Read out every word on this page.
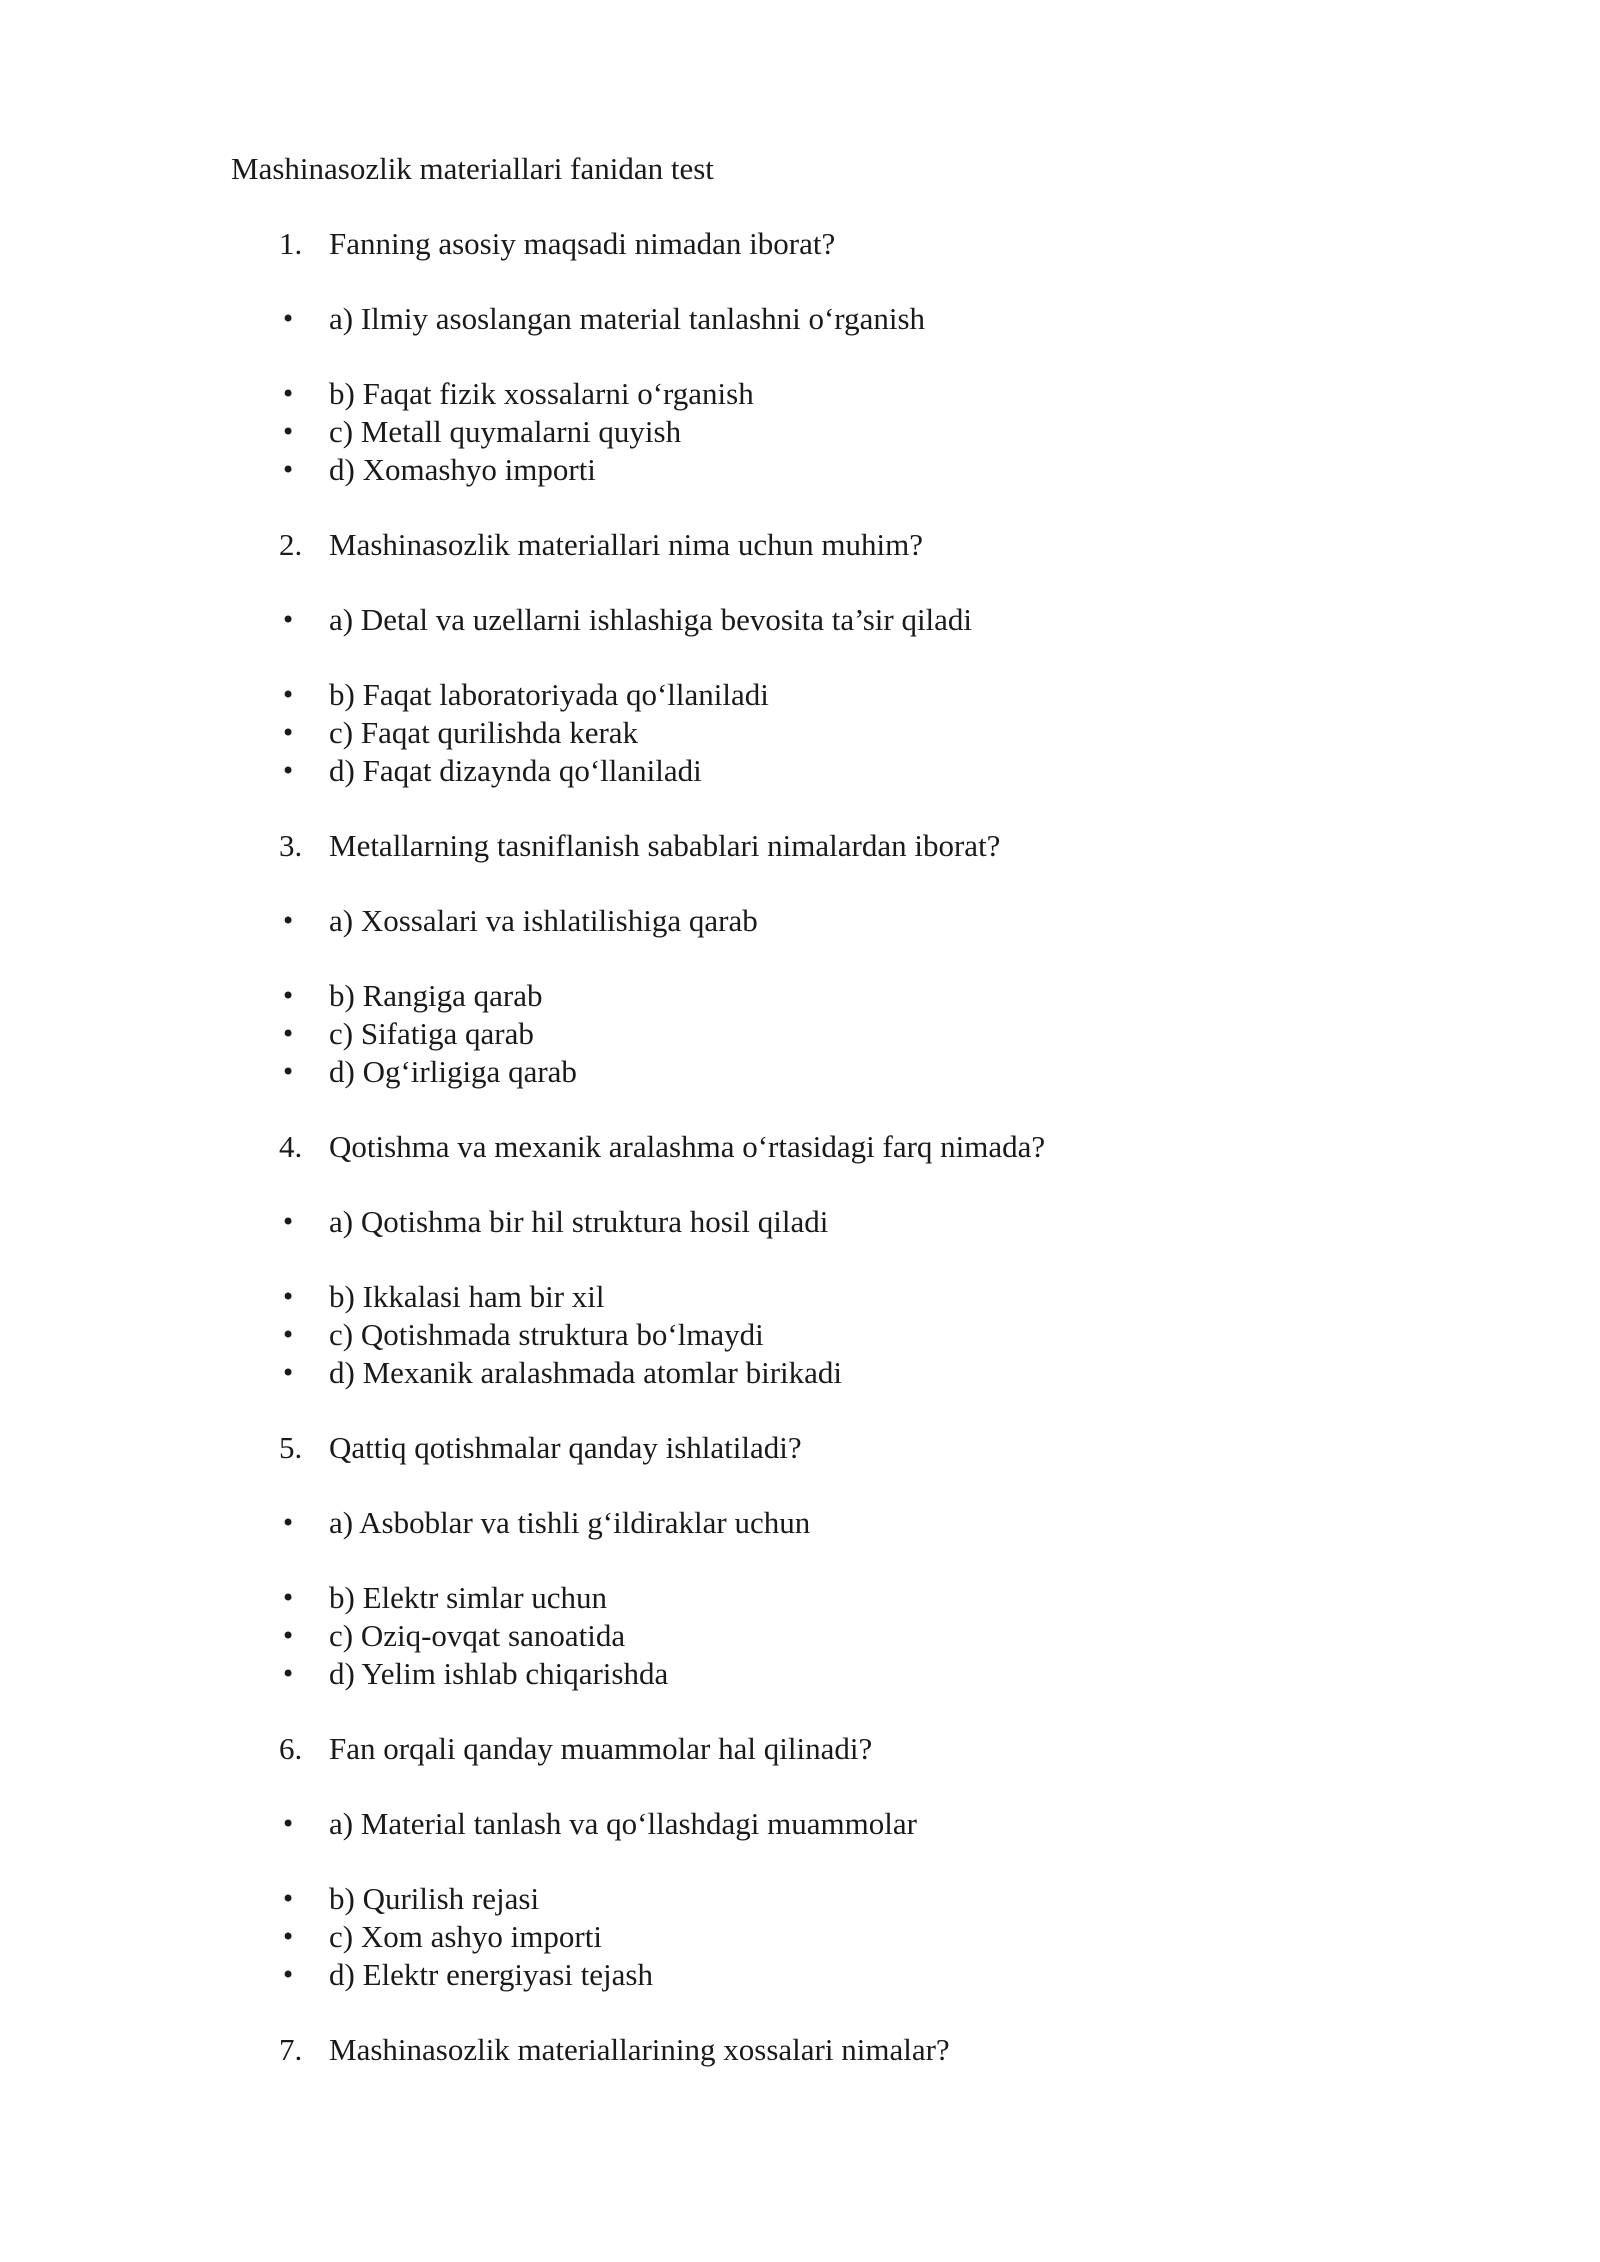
Mashinasozlik materiallari fanidan test
1. Fanning asosiy maqsadi nimadan iborat?
• a) Ilmiy asoslangan material tanlashni o‘rganish
• b) Faqat fizik xossalarni o‘rganish
• c) Metall quymalarni quyish
• d) Xomashyo importi
2. Mashinasozlik materiallari nima uchun muhim?
• a) Detal va uzellarni ishlashiga bevosita ta’sir qiladi
• b) Faqat laboratoriyada qo‘llaniladi
• c) Faqat qurilishda kerak
• d) Faqat dizaynda qo‘llaniladi
3. Metallarning tasniflanish sabablari nimalardan iborat?
• a) Xossalari va ishlatilishiga qarab
• b) Rangiga qarab
• c) Sifatiga qarab
• d) Og‘irligiga qarab
4. Qotishma va mexanik aralashma o‘rtasidagi farq nimada?
• a) Qotishma bir hil struktura hosil qiladi
• b) Ikkalasi ham bir xil
• c) Qotishmada struktura bo‘lmaydi
• d) Mexanik aralashmada atomlar birikadi
5. Qattiq qotishmalar qanday ishlatiladi?
• a) Asboblar va tishli g‘ildiraklar uchun
• b) Elektr simlar uchun
• c) Oziq-ovqat sanoatida
• d) Yelim ishlab chiqarishda
6. Fan orqali qanday muammolar hal qilinadi?
• a) Material tanlash va qo‘llashdagi muammolar
• b) Qurilish rejasi
• c) Xom ashyo importi
• d) Elektr energiyasi tejash
7. Mashinasozlik materiallarining xossalari nimalar?
